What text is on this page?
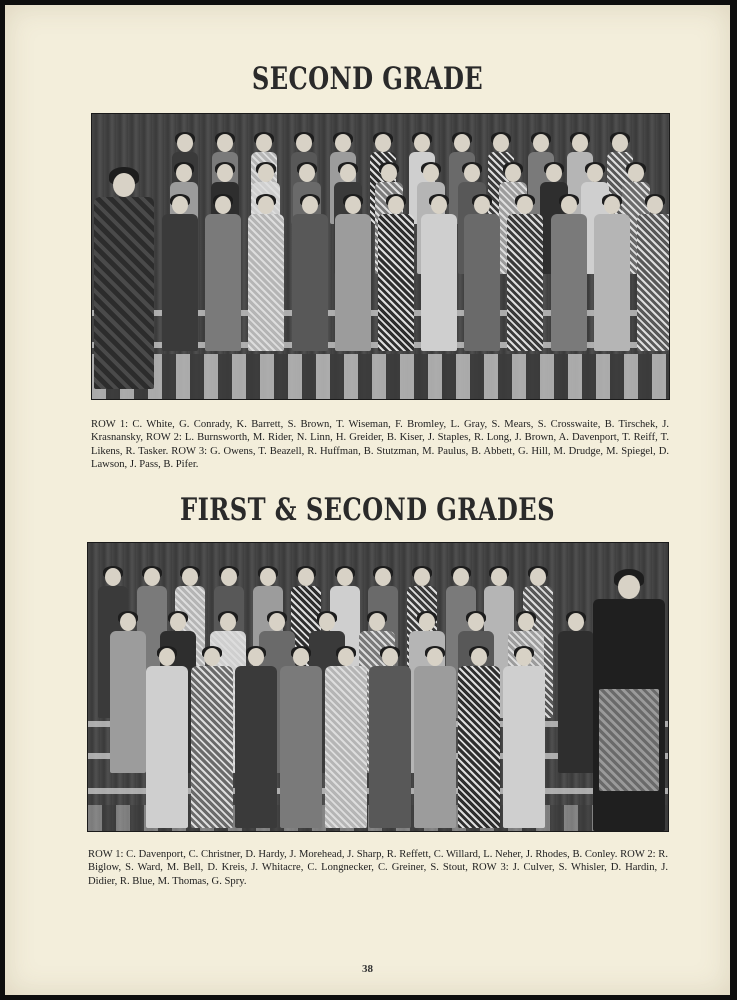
SECOND GRADE

ROW 1: C. White, G. Conrady, K. Barrett, S. Brown, T. Wiseman, F. Bromley, L. Gray, S. Mears, S. Crosswaite, B. Tirschek, J. Krasnansky, ROW 2: L. Burnsworth, M. Rider, N. Linn, H. Greider, B. Kiser, J. Staples, R. Long, J. Brown, A. Davenport, T. Reiff, T. Likens, R. Tasker. ROW 3: G. Owens, T. Beazell, R. Huffman, B. Stutzman, M. Paulus, B. Abbett, G. Hill, M. Drudge, M. Spiegel, D. Lawson, J. Pass, B. Pifer.

FIRST & SECOND GRADES

ROW 1: C. Davenport, C. Christner, D. Hardy, J. Morehead, J. Sharp, R. Reffett, C. Willard, L. Neher, J. Rhodes, B. Conley. ROW 2: R. Biglow, S. Ward, M. Bell, D. Kreis, J. Whitacre, C. Longnecker, C. Greiner, S. Stout, ROW 3: J. Culver, S. Whisler, D. Hardin, J. Didier, R. Blue, M. Thomas, G. Spry.

38
